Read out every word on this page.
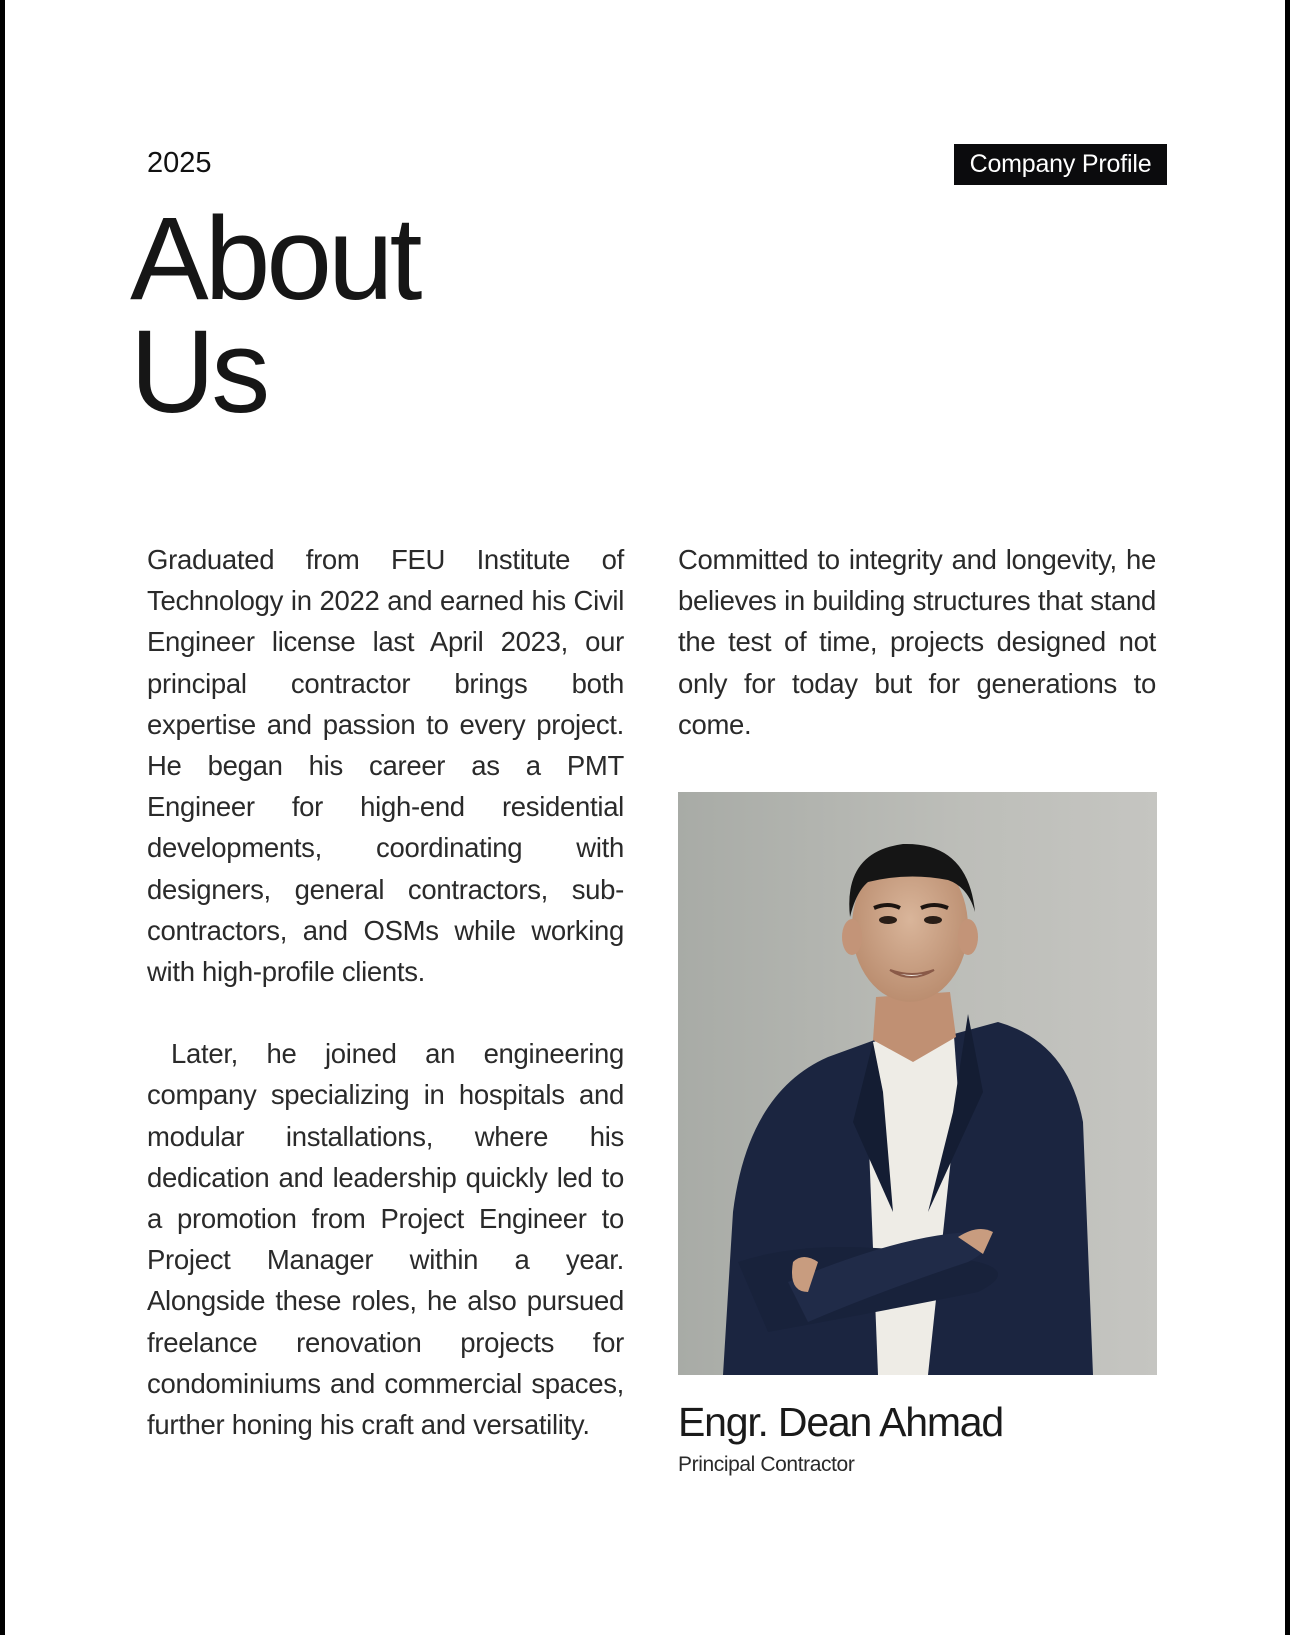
2025	Company Profile
About
Us

Graduated from FEU Institute of Technology in 2022 and earned his Civil Engineer license last April 2023, our principal contractor brings both expertise and passion to every project. He began his career as a PMT Engineer for high-end residential developments, coordinating with designers, general contractors, sub-contractors, and OSMs while working with high-profile clients.

Later, he joined an engineering company specializing in hospitals and modular installations, where his dedication and leadership quickly led to a promotion from Project Engineer to Project Manager within a year. Alongside these roles, he also pursued freelance renovation projects for condominiums and commercial spaces, further honing his craft and versatility.

Committed to integrity and longevity, he believes in building structures that stand the test of time, projects designed not only for today but for generations to come.

Engr. Dean Ahmad
Principal Contractor
